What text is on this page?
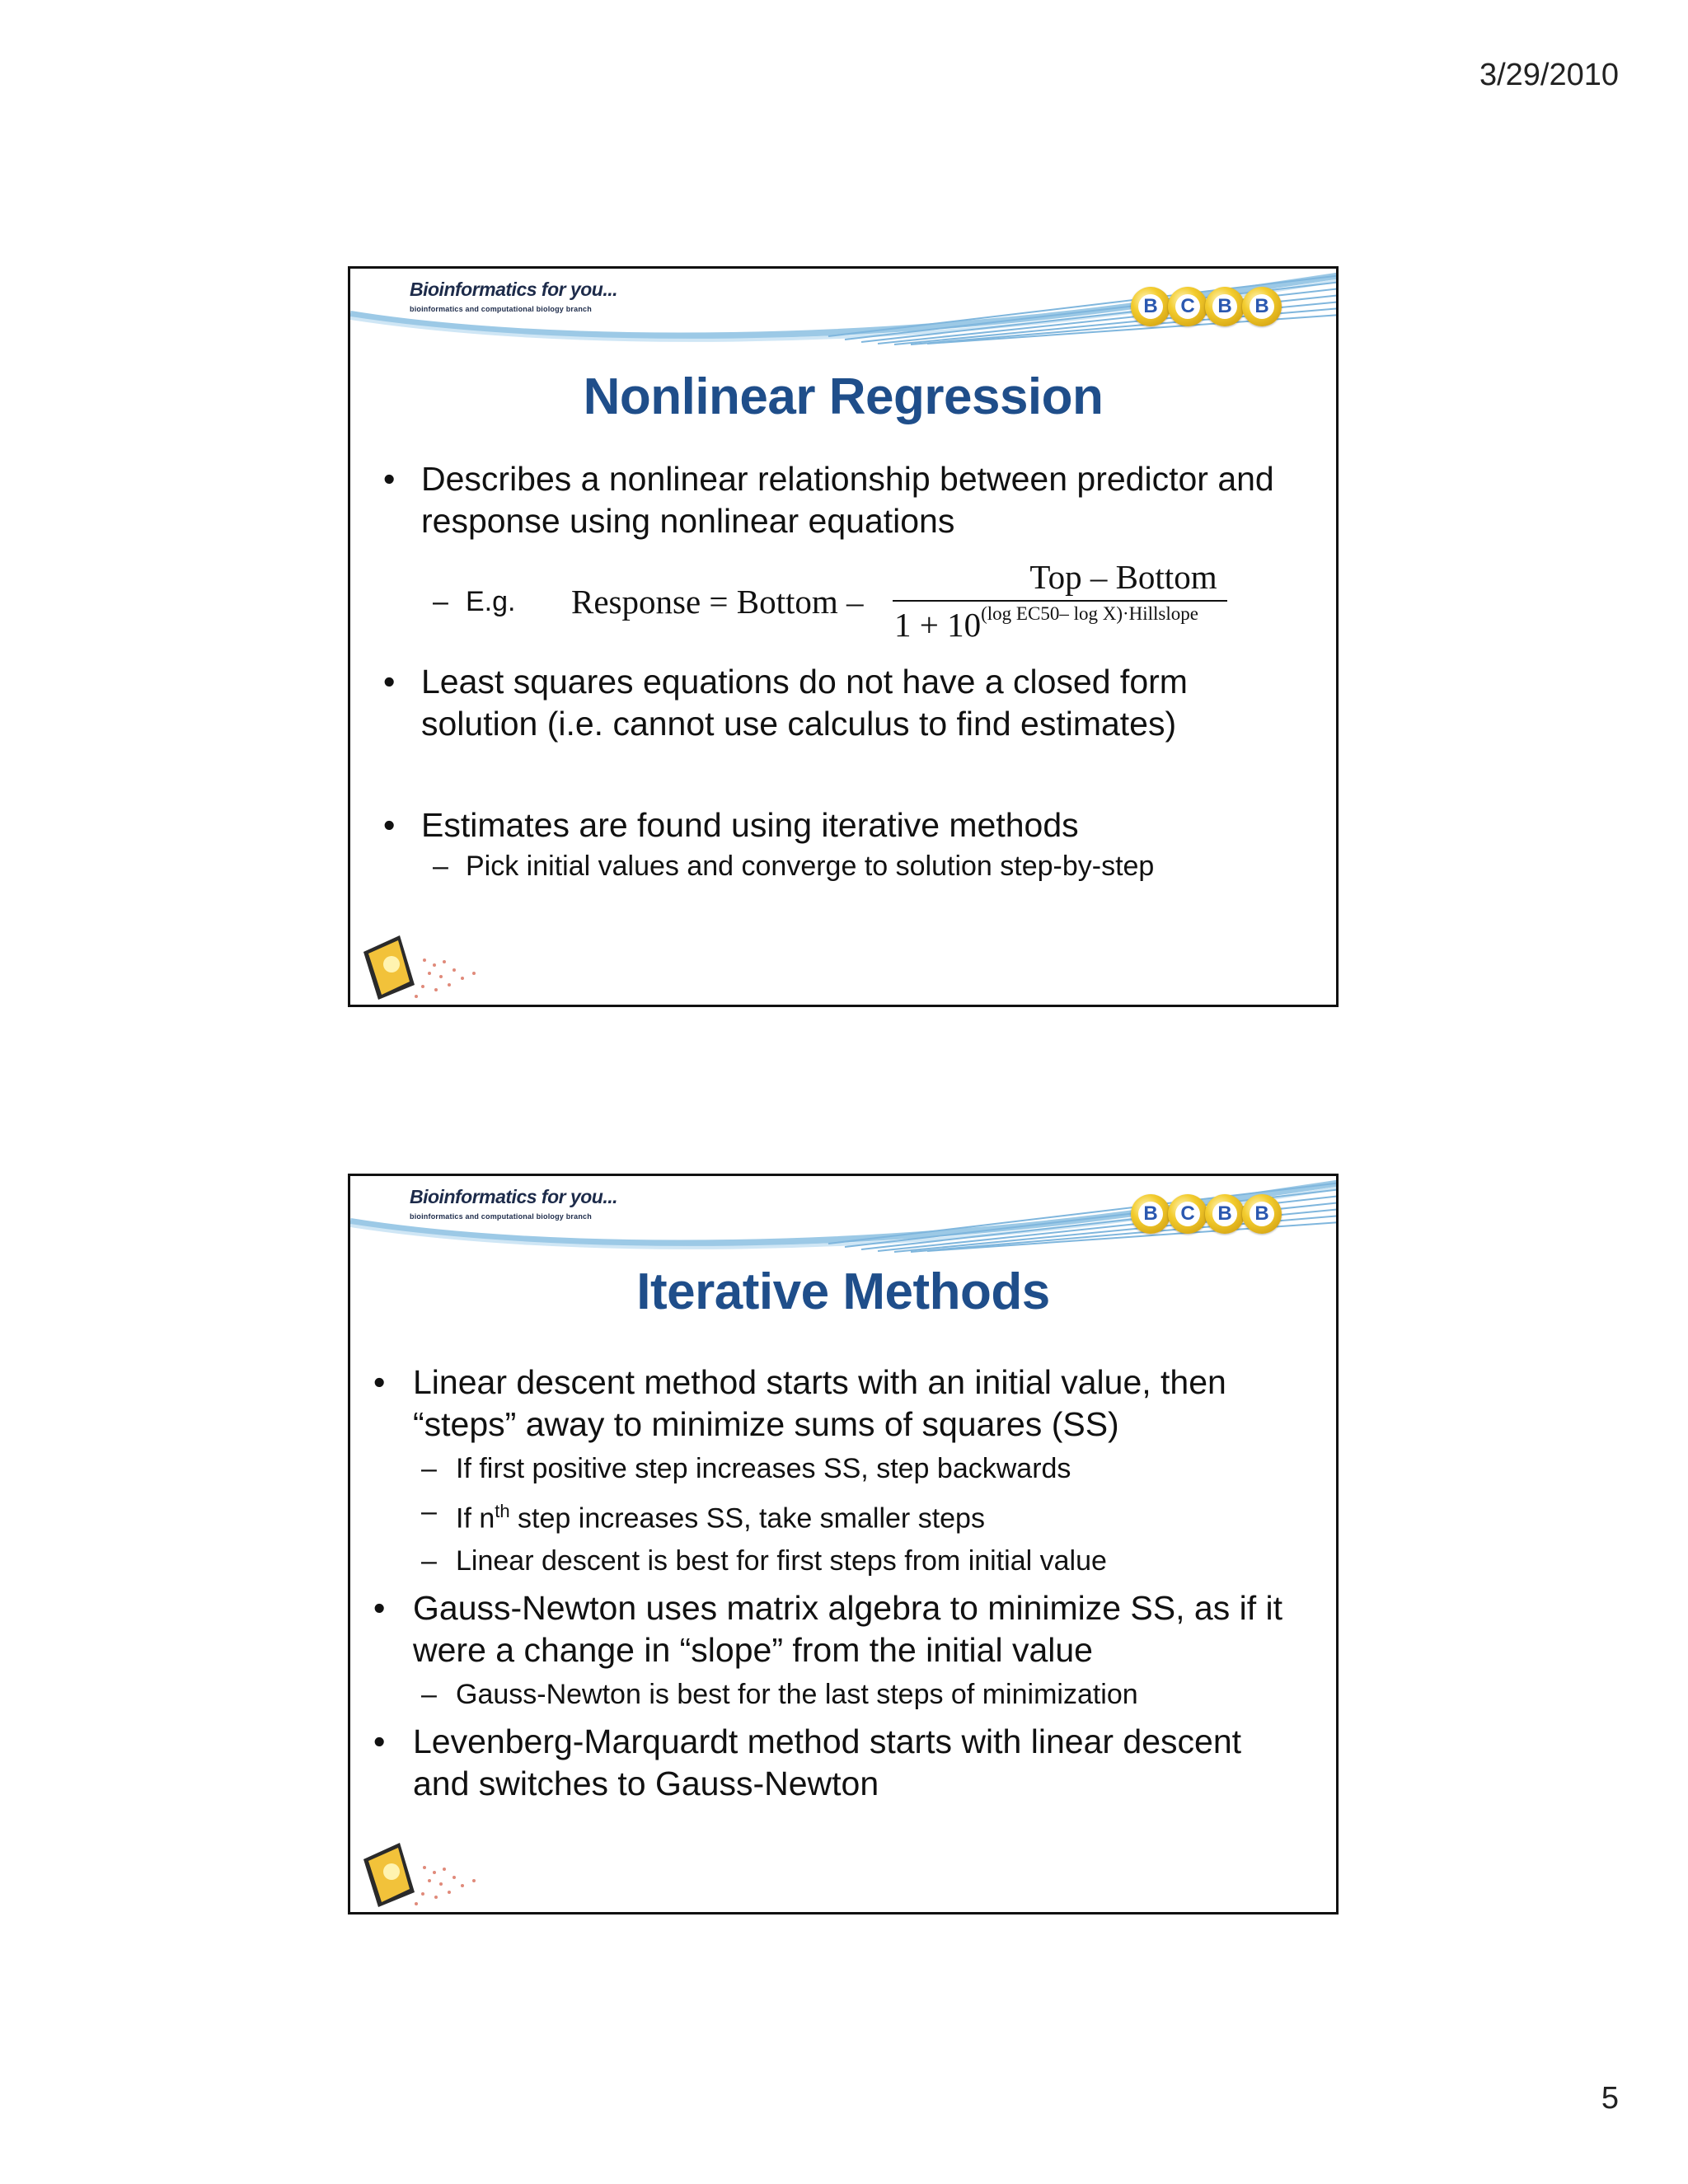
3/29/2010
Bioinformatics for you...
bioinformatics and computational biology branch	B C B B
Nonlinear Regression
• Describes a nonlinear relationship between predictor and response using nonlinear equations
– E.g. Response = Bottom –
Top – Bottom
$1 + 10^{(log EC50- log X)\cdot Hillslope}$
• Least squares equations do not have a closed form solution (i.e. cannot use calculus to find estimates)
• Estimates are found using iterative methods
– Pick initial values and converge to solution step-by-step
Bioinformatics for you...
bioinformatics and computational biology branch	B C B B
Iterative Methods
• Linear descent method starts with an initial value, then “steps” away to minimize sums of squares (SS)
– If first positive step increases SS, step backwards
– If $n^{th}$ step increases SS, take smaller steps
– Linear descent is best for first steps from initial value
• Gauss-Newton uses matrix algebra to minimize SS, as if it were a change in “slope” from the initial value
– Gauss-Newton is best for the last steps of minimization
• Levenberg-Marquardt method starts with linear descent and switches to Gauss-Newton
5
